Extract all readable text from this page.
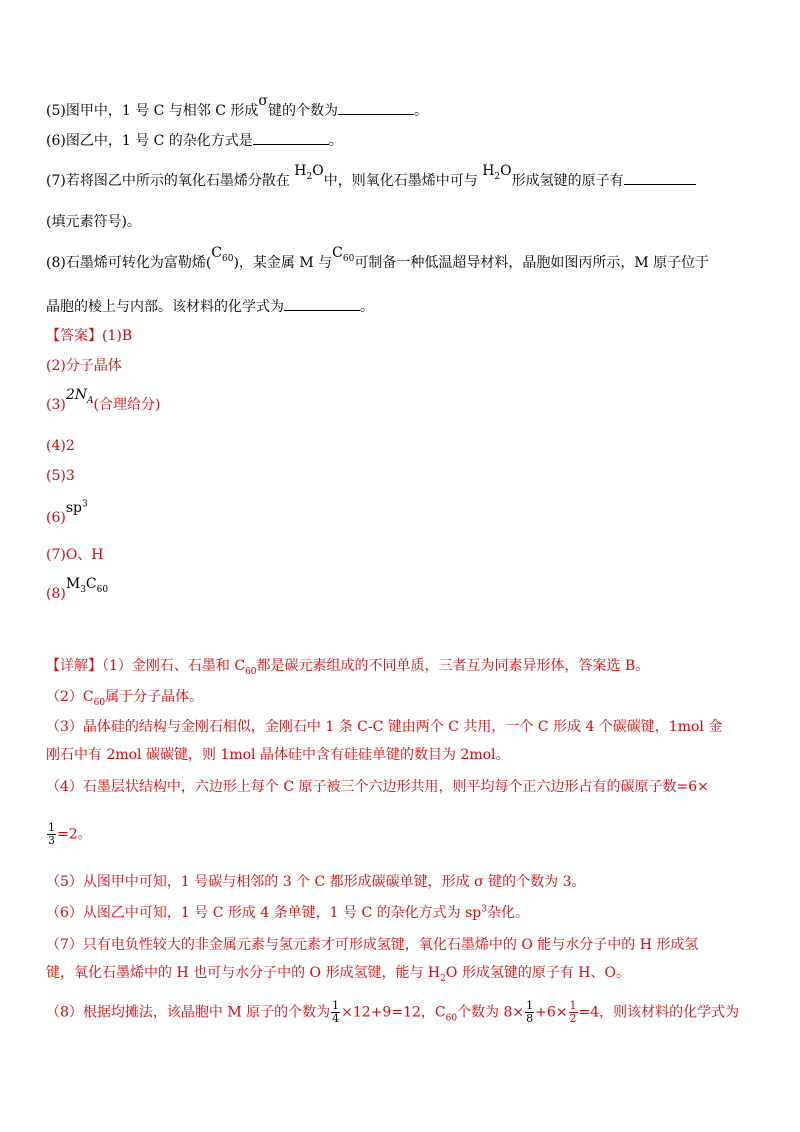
(5)图甲中，1 号 C 与相邻 C 形成σ键的个数为	。
(6)图乙中，1 号 C 的杂化方式是	。
(7)若将图乙中所示的氧化石墨烯分散在 $H_2O$中，则氧化石墨烯中可与 $H_2O$形成氢键的原子有
(填元素符号)。
(8)石墨烯可转化为富勒烯$(C_{60})$，某金属 M 与$C_{60}$可制备一种低温超导材料，晶胞如图丙所示，M 原子位于
晶胞的棱上与内部。该材料的化学式为	。
【答案】(1)B
(2)分子晶体
$(3)2N_A$(合理给分)
(4)2
(5)3
$(6)sp^3$
(7)O、H
$(8)M_3C_{60}$
【详解】（1）金刚石、石墨和 $C_{60}$都是碳元素组成的不同单质，三者互为同素异形体，答案选 B。
$(2)C_{60}$属于分子晶体。
（3）晶体硅的结构与金刚石相似，金刚石中 1 条 C-C 键由两个 C 共用，一个 C 形成 4 个碳碳键，1mol 金
刚石中有 2mol 碳碳键，则 1mol 晶体硅中含有硅硅单键的数目为 2mol。
（4）石墨层状结构中，六边形上每个 C 原子被三个六边形共用，则平均每个正六边形占有的碳原子数=6×
$\frac{1}{3} =2$。
（5）从图甲中可知，1 号碳与相邻的 3 个 C 都形成碳碳单键，形成 σ 键的个数为 3。
（6）从图乙中可知，1 号 C 形成 4 条单键，1 号 C 的杂化方式为 $sp^3$杂化。
（7）只有电负性较大的非金属元素与氢元素才可形成氢键，氧化石墨烯中的 O 能与水分子中的 H 形成氢
键，氧化石墨烯中的 H 也可与水分子中的 O 形成氢键，能与 $H_2O$ 形成氢键的原子有 H、O。
（8）根据均摊法，该晶胞中 M 原子的个数为 $\frac{1}{4} \times 12+9=12$，$C_{60}$个数为 $8\times \frac{1}{8} +6\times \frac{1}{2} =4$，则该材料的化学式为
